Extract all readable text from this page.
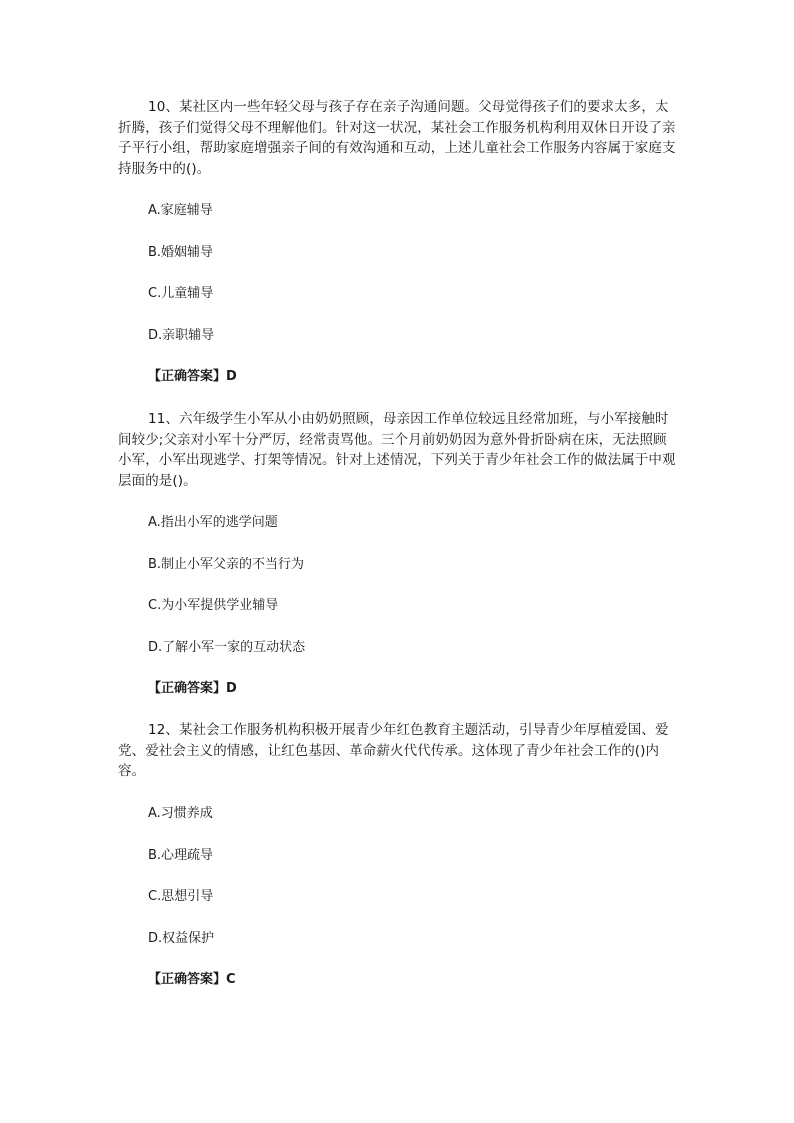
10、某社区内一些年轻父母与孩子存在亲子沟通问题。父母觉得孩子们的要求太多，太折腾，孩子们觉得父母不理解他们。针对这一状况，某社会工作服务机构利用双休日开设了亲子平行小组，帮助家庭增强亲子间的有效沟通和互动，上述儿童社会工作服务内容属于家庭支持服务中的()。

A.家庭辅导

B.婚姻辅导

C.儿童辅导

D.亲职辅导

【正确答案】D

11、六年级学生小军从小由奶奶照顾，母亲因工作单位较远且经常加班，与小军接触时间较少;父亲对小军十分严厉，经常责骂他。三个月前奶奶因为意外骨折卧病在床，无法照顾小军，小军出现逃学、打架等情况。针对上述情况，下列关于青少年社会工作的做法属于中观层面的是()。

A.指出小军的逃学问题

B.制止小军父亲的不当行为

C.为小军提供学业辅导

D.了解小军一家的互动状态

【正确答案】D

12、某社会工作服务机构积极开展青少年红色教育主题活动，引导青少年厚植爱国、爱党、爱社会主义的情感，让红色基因、革命薪火代代传承。这体现了青少年社会工作的()内容。

A.习惯养成

B.心理疏导

C.思想引导

D.权益保护

【正确答案】C
